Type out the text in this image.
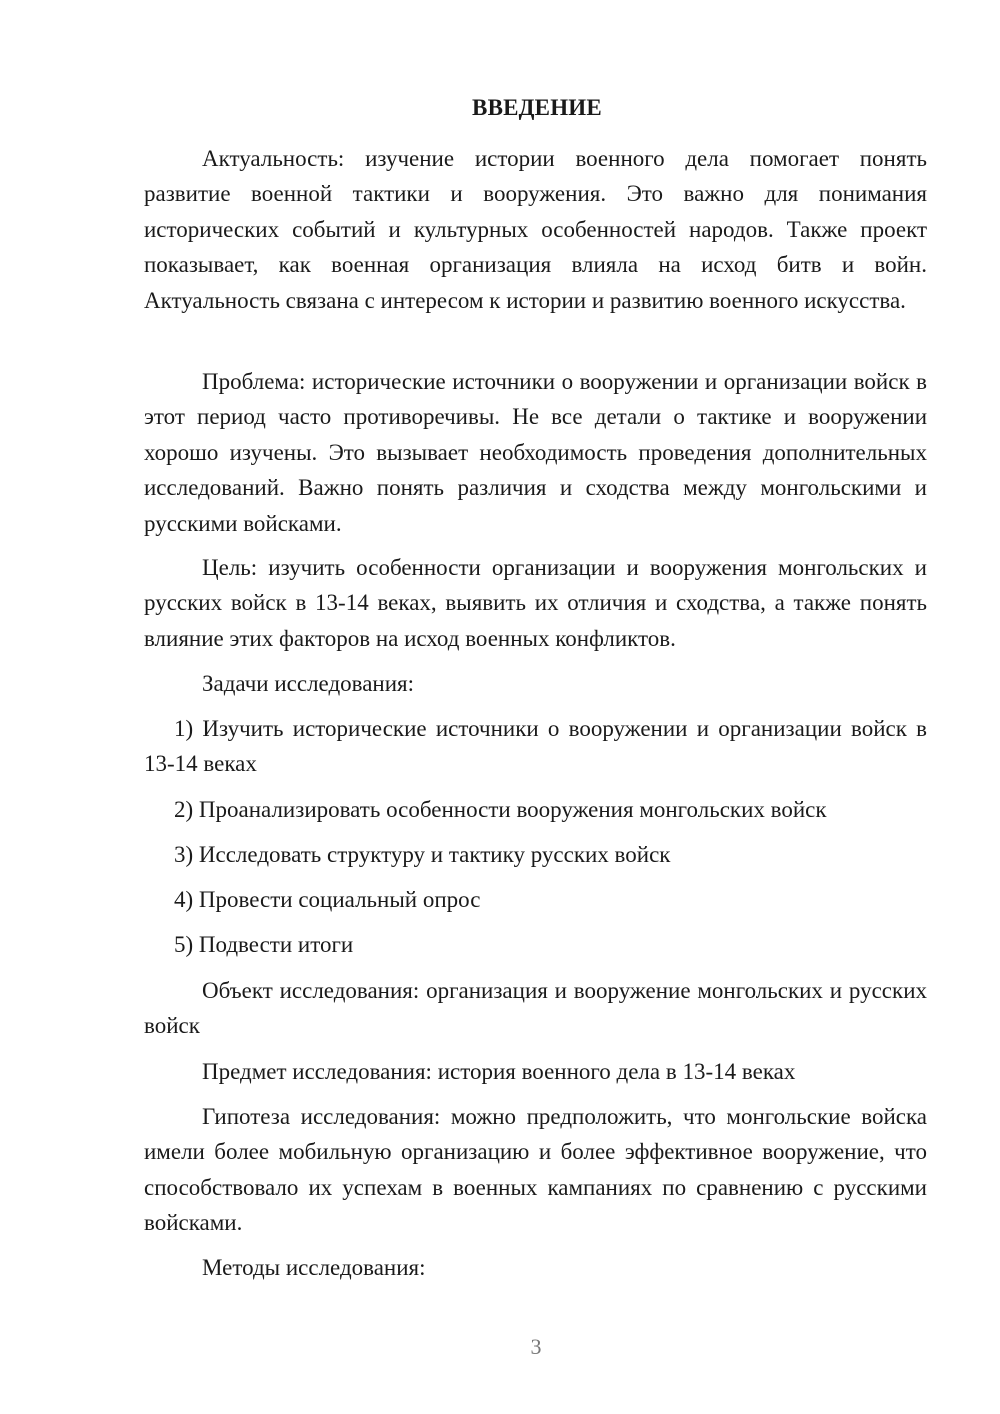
ВВЕДЕНИЕ

Актуальность: изучение истории военного дела помогает понять развитие военной тактики и вооружения. Это важно для понимания исторических событий и культурных особенностей народов. Также проект показывает, как военная организация влияла на исход битв и войн. Актуальность связана с интересом к истории и развитию военного искусства.

Проблема: исторические источники о вооружении и организации войск в этот период часто противоречивы. Не все детали о тактике и вооружении хорошо изучены. Это вызывает необходимость проведения дополнительных исследований. Важно понять различия и сходства между монгольскими и русскими войсками.

Цель: изучить особенности организации и вооружения монгольских и русских войск в 13-14 веках, выявить их отличия и сходства, а также понять влияние этих факторов на исход военных конфликтов.

Задачи исследования:

1) Изучить исторические источники о вооружении и организации войск в 13-14 веках

2) Проанализировать особенности вооружения монгольских войск

3) Исследовать структуру и тактику русских войск

4) Провести социальный опрос

5) Подвести итоги

Объект исследования: организация и вооружение монгольских и русских войск

Предмет исследования: история военного дела в 13-14 веках

Гипотеза исследования: можно предположить, что монгольские войска имели более мобильную организацию и более эффективное вооружение, что способствовало их успехам в военных кампаниях по сравнению с русскими войсками.

Методы исследования:

3
